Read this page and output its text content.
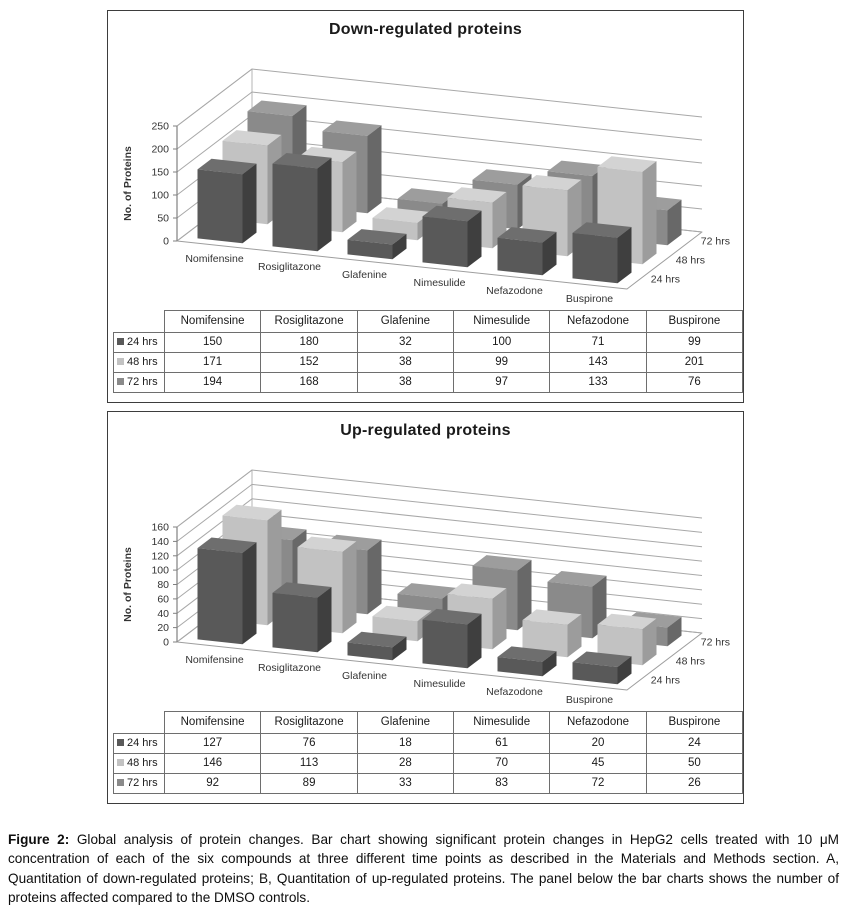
Down-regulated proteins
0
50
100
150
200
250
No. of Proteins
Nomifensine
Rosiglitazone
Glafenine
Nimesulide
Nefazodone
Buspirone
24 hrs
48 hrs
72 hrs
	Nomifensine	Rosiglitazone	Glafenine	Nimesulide	Nefazodone	Buspirone
24 hrs	150	180	32	100	71	99
48 hrs	171	152	38	99	143	201
72 hrs	194	168	38	97	133	76
Up-regulated proteins
0
20
40
60
80
100
120
140
160
No. of Proteins
Nomifensine
Rosiglitazone
Glafenine
Nimesulide
Nefazodone
Buspirone
24 hrs
48 hrs
72 hrs
	Nomifensine	Rosiglitazone	Glafenine	Nimesulide	Nefazodone	Buspirone
24 hrs	127	76	18	61	20	24
48 hrs	146	113	28	70	45	50
72 hrs	92	89	33	83	72	26

Figure 2: Global analysis of protein changes. Bar chart showing significant protein changes in HepG2 cells treated with 10 μM concentration of each of the six compounds at three different time points as described in the Materials and Methods section. A, Quantitation of down-regulated proteins; B, Quantitation of up-regulated proteins. The panel below the bar charts shows the number of proteins affected compared to the DMSO controls.
